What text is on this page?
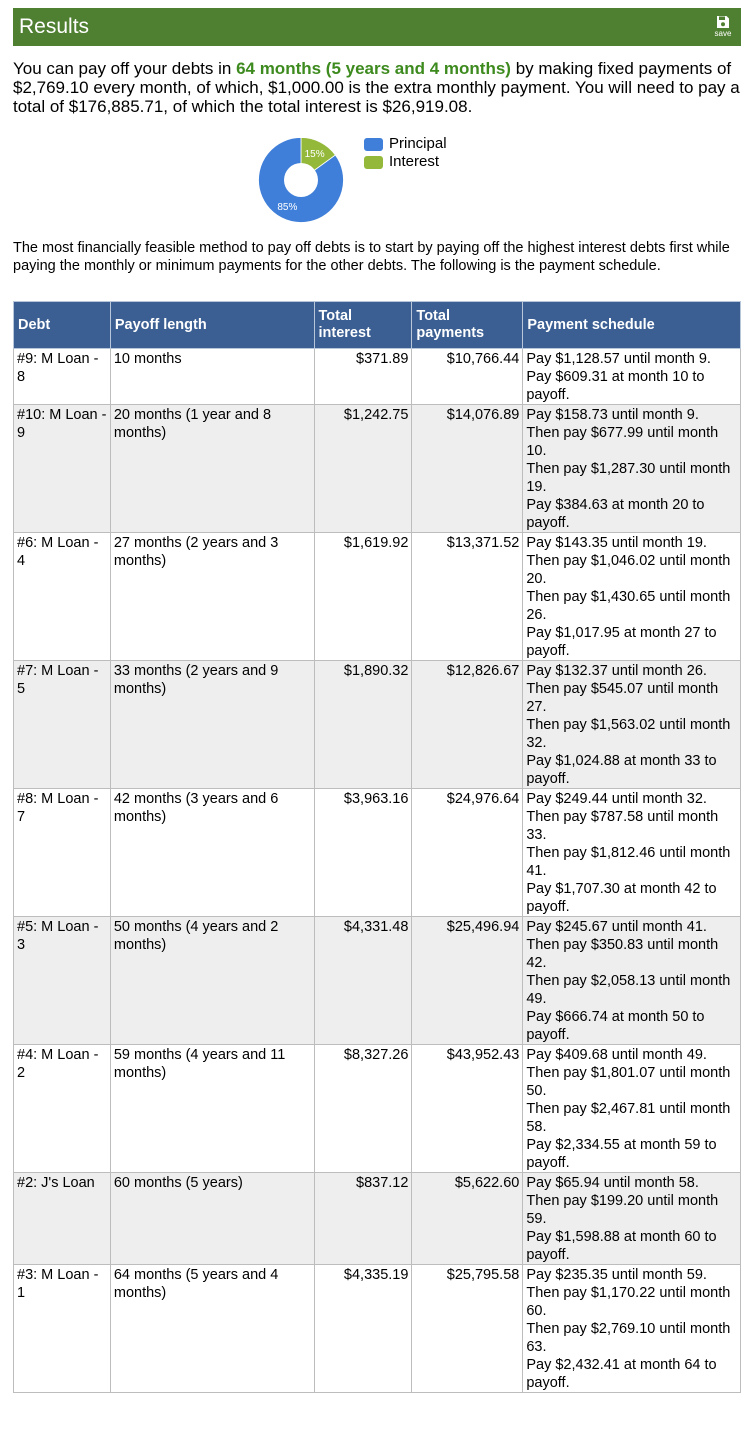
Results	save
You can pay off your debts in 64 months (5 years and 4 months) by making fixed payments of $2,769.10 every month, of which, $1,000.00 is the extra monthly payment. You will need to pay a total of $176,885.71, of which the total interest is $26,919.08.
15%
85%
Principal
Interest
The most financially feasible method to pay off debts is to start by paying off the highest interest debts first while paying the monthly or minimum payments for the other debts. The following is the payment schedule.
Debt	Payoff length	Total interest	Total payments	Payment schedule
#9: M Loan - 8	10 months	$371.89	$10,766.44	Pay $1,128.57 until month 9.
Pay $609.31 at month 10 to payoff.

#10: M Loan - 9	20 months (1 year and 8 months)	$1,242.75	$14,076.89	Pay $158.73 until month 9.
Then pay $677.99 until month 10.
Then pay $1,287.30 until month 19.
Pay $384.63 at month 20 to payoff.

#6: M Loan - 4	27 months (2 years and 3 months)	$1,619.92	$13,371.52	Pay $143.35 until month 19.
Then pay $1,046.02 until month 20.
Then pay $1,430.65 until month 26.
Pay $1,017.95 at month 27 to payoff.

#7: M Loan - 5	33 months (2 years and 9 months)	$1,890.32	$12,826.67	Pay $132.37 until month 26.
Then pay $545.07 until month 27.
Then pay $1,563.02 until month 32.
Pay $1,024.88 at month 33 to payoff.

#8: M Loan - 7	42 months (3 years and 6 months)	$3,963.16	$24,976.64	Pay $249.44 until month 32.
Then pay $787.58 until month 33.
Then pay $1,812.46 until month 41.
Pay $1,707.30 at month 42 to payoff.

#5: M Loan - 3	50 months (4 years and 2 months)	$4,331.48	$25,496.94	Pay $245.67 until month 41.
Then pay $350.83 until month 42.
Then pay $2,058.13 until month 49.
Pay $666.74 at month 50 to payoff.

#4: M Loan - 2	59 months (4 years and 11 months)	$8,327.26	$43,952.43	Pay $409.68 until month 49.
Then pay $1,801.07 until month 50.
Then pay $2,467.81 until month 58.
Pay $2,334.55 at month 59 to payoff.

#2: J's Loan	60 months (5 years)	$837.12	$5,622.60	Pay $65.94 until month 58.
Then pay $199.20 until month 59.
Pay $1,598.88 at month 60 to payoff.

#3: M Loan - 1	64 months (5 years and 4 months)	$4,335.19	$25,795.58	Pay $235.35 until month 59.
Then pay $1,170.22 until month 60.
Then pay $2,769.10 until month 63.
Pay $2,432.41 at month 64 to payoff.
